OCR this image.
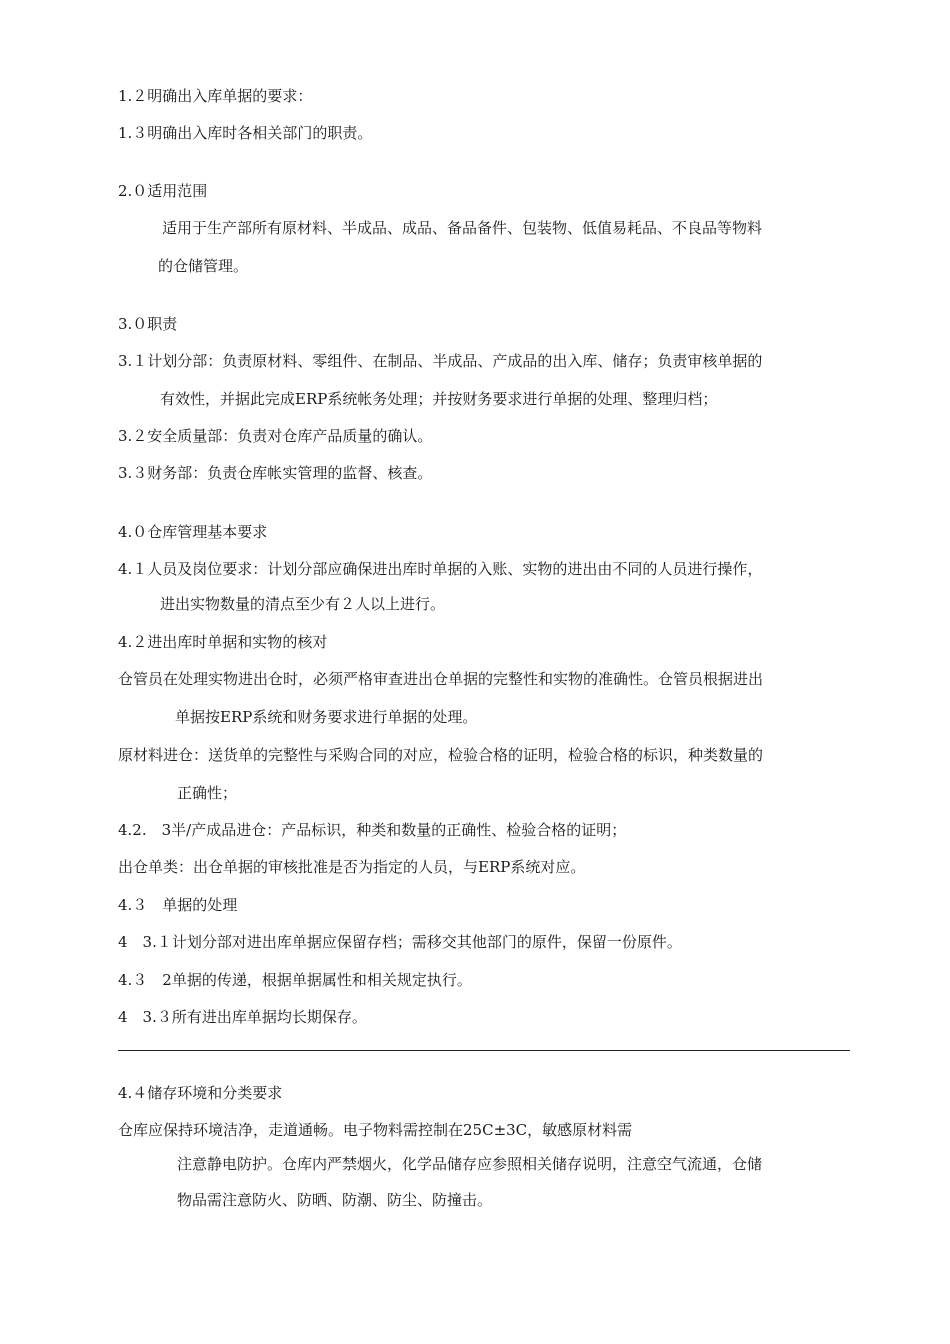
1.２明确出入库单据的要求：
1.３明确出入库时各相关部门的职责。
2.０适用范围
适用于生产部所有原材料、半成品、成品、备品备件、包装物、低值易耗品、不良品等物料
的仓储管理。
3.０职责
3.１计划分部：负责原材料、零组件、在制品、半成品、产成品的出入库、储存；负责审核单据的
有效性，并据此完成ERP系统帐务处理；并按财务要求进行单据的处理、整理归档；
3.２安全质量部：负责对仓库产品质量的确认。
3.３财务部：负责仓库帐实管理的监督、核查。
4.０仓库管理基本要求
4.１人员及岗位要求：计划分部应确保进出库时单据的入账、实物的进出由不同的人员进行操作，
进出实物数量的清点至少有２人以上进行。
4.２进出库时单据和实物的核对
仓管员在处理实物进出仓时，必须严格审查进出仓单据的完整性和实物的准确性。仓管员根据进出
单据按ERP系统和财务要求进行单据的处理。
原材料进仓：送货单的完整性与采购合同的对应，检验合格的证明，检验合格的标识，种类数量的
正确性；
4.2.　3半/产成品进仓：产品标识，种类和数量的正确性、检验合格的证明；
出仓单类：出仓单据的审核批准是否为指定的人员，与ERP系统对应。
4.３　单据的处理
4　3.１计划分部对进出库单据应保留存档；需移交其他部门的原件，保留一份原件。
4.３　2单据的传递，根据单据属性和相关规定执行。
4　3.３所有进出库单据均长期保存。
4.４储存环境和分类要求
仓库应保持环境洁净，走道通畅。电子物料需控制在25C±3C，敏感原材料需
注意静电防护。仓库内严禁烟火，化学品储存应参照相关储存说明，注意空气流通，仓储
物品需注意防火、防晒、防潮、防尘、防撞击。
